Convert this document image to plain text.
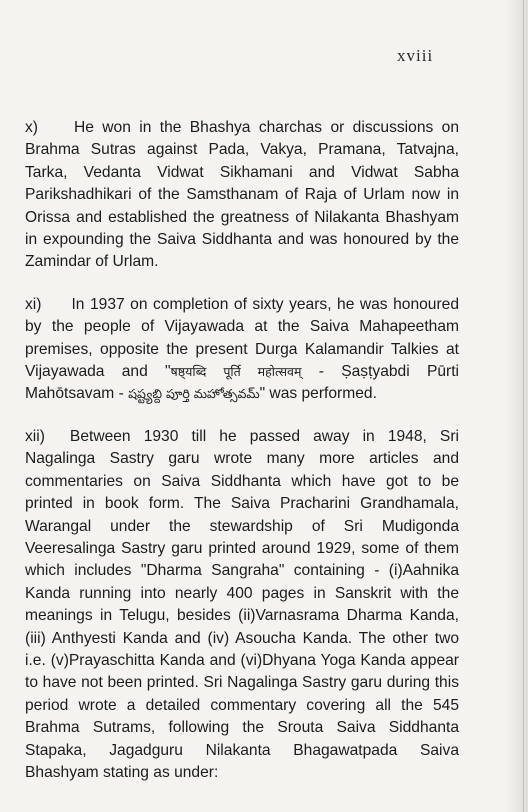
xviii

x) He won in the Bhashya charchas or discussions on Brahma Sutras against Pada, Vakya, Pramana, Tatvajna, Tarka, Vedanta Vidwat Sikhamani and Vidwat Sabha Parikshadhikari of the Samsthanam of Raja of Urlam now in Orissa and established the greatness of Nilakanta Bhashyam in expounding the Saiva Siddhanta and was honoured by the Zamindar of Urlam.

xi) In 1937 on completion of sixty years, he was honoured by the people of Vijayawada at the Saiva Mahapeetham premises, opposite the present Durga Kalamandir Talkies at Vijayawada and "षष्ठ्यब्दि पूर्ति महोत्सवम् - Ṣaṣṭyabdi Pūrti Mahōtsavam - షష్ట్యబ్ది పూర్తి మహోత్సవమ్" was performed.

xii) Between 1930 till he passed away in 1948, Sri Nagalinga Sastry garu wrote many more articles and commentaries on Saiva Siddhanta which have got to be printed in book form. The Saiva Pracharini Grandhamala, Warangal under the stewardship of Sri Mudigonda Veeresalinga Sastry garu printed around 1929, some of them which includes "Dharma Sangraha" containing - (i)Aahnika Kanda running into nearly 400 pages in Sanskrit with the meanings in Telugu, besides (ii)Varnasrama Dharma Kanda, (iii) Anthyesti Kanda and (iv) Asoucha Kanda. The other two i.e. (v)Prayaschitta Kanda and (vi)Dhyana Yoga Kanda appear to have not been printed. Sri Nagalinga Sastry garu during this period wrote a detailed commentary covering all the 545 Brahma Sutrams, following the Srouta Saiva Siddhanta Stapaka, Jagadguru Nilakanta Bhagawatpada Saiva Bhashyam stating as under:
